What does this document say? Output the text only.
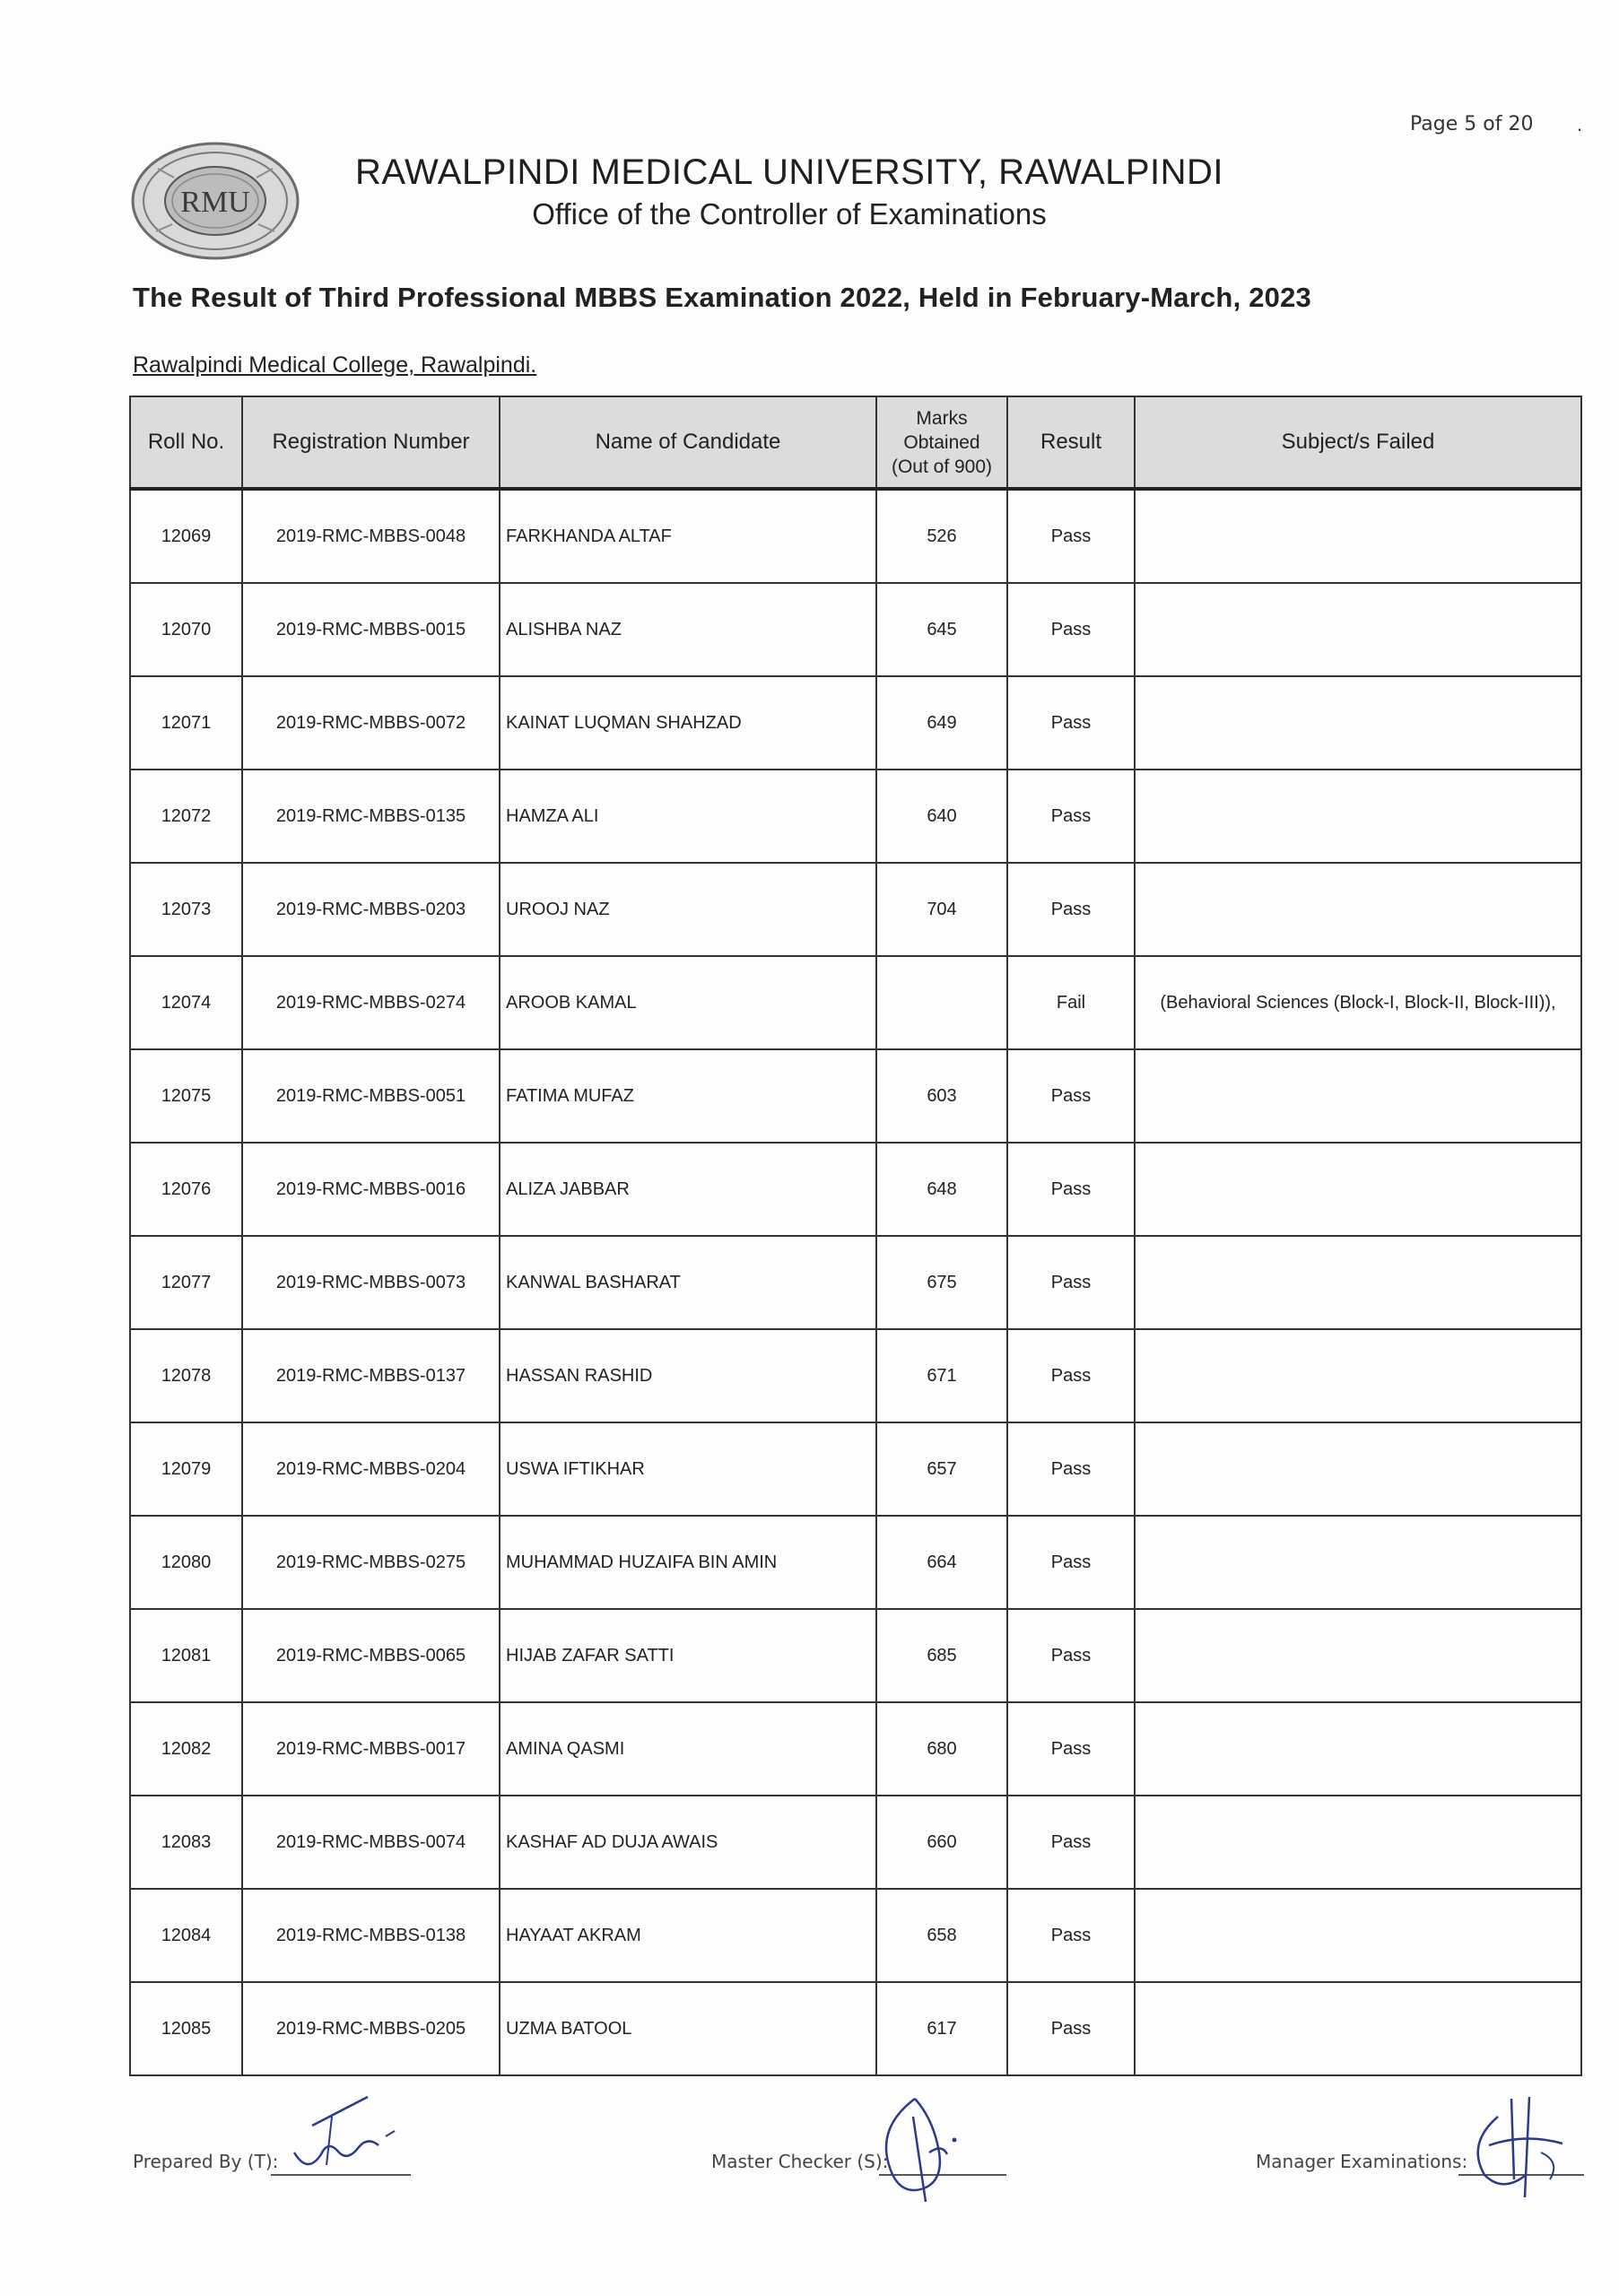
Page 5 of 20 .
RMU
RAWALPINDI MEDICAL UNIVERSITY, RAWALPINDI
Office of the Controller of Examinations
The Result of Third Professional MBBS Examination 2022, Held in February-March, 2023
Rawalpindi Medical College, Rawalpindi.
Roll No.	Registration Number	Name of Candidate	Marks
Obtained
(Out of 900)	Result	Subject/s Failed
12069	2019-RMC-MBBS-0048	FARKHANDA ALTAF	526	Pass	
12070	2019-RMC-MBBS-0015	ALISHBA NAZ	645	Pass	
12071	2019-RMC-MBBS-0072	KAINAT LUQMAN SHAHZAD	649	Pass	
12072	2019-RMC-MBBS-0135	HAMZA ALI	640	Pass	
12073	2019-RMC-MBBS-0203	UROOJ NAZ	704	Pass	
12074	2019-RMC-MBBS-0274	AROOB KAMAL		Fail	(Behavioral Sciences (Block-I, Block-II, Block-III)),
12075	2019-RMC-MBBS-0051	FATIMA MUFAZ	603	Pass	
12076	2019-RMC-MBBS-0016	ALIZA JABBAR	648	Pass	
12077	2019-RMC-MBBS-0073	KANWAL BASHARAT	675	Pass	
12078	2019-RMC-MBBS-0137	HASSAN RASHID	671	Pass	
12079	2019-RMC-MBBS-0204	USWA IFTIKHAR	657	Pass	
12080	2019-RMC-MBBS-0275	MUHAMMAD HUZAIFA BIN AMIN	664	Pass	
12081	2019-RMC-MBBS-0065	HIJAB ZAFAR SATTI	685	Pass	
12082	2019-RMC-MBBS-0017	AMINA QASMI	680	Pass	
12083	2019-RMC-MBBS-0074	KASHAF AD DUJA AWAIS	660	Pass	
12084	2019-RMC-MBBS-0138	HAYAAT AKRAM	658	Pass	
12085	2019-RMC-MBBS-0205	UZMA BATOOL	617	Pass	
Prepared By (T):	Master Checker (S):	Manager Examinations:
